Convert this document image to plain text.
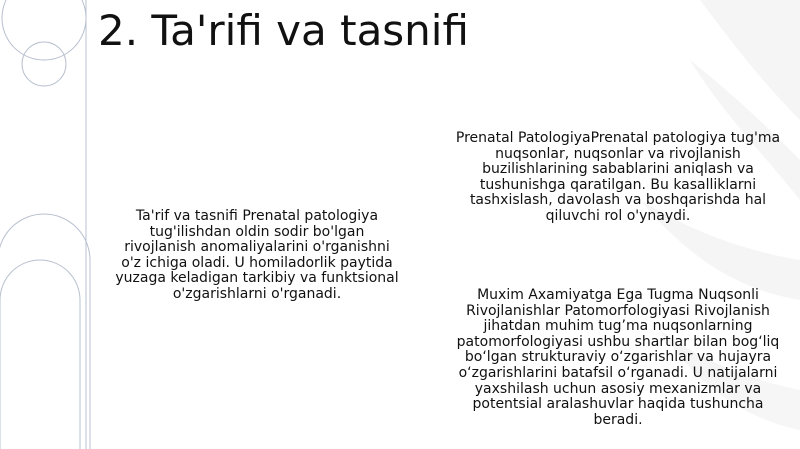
2. Ta'rifi va tasnifi
Ta'rif va tasnifi Prenatal patologiya tug'ilishdan oldin sodir bo'lgan rivojlanish anomaliyalarini o'rganishni o'z ichiga oladi. U homiladorlik paytida yuzaga keladigan tarkibiy va funktsional o'zgarishlarni o'rganadi.
Prenatal PatologiyaPrenatal patologiya tug'ma nuqsonlar, nuqsonlar va rivojlanish buzilishlarining sabablarini aniqlash va tushunishga qaratilgan. Bu kasalliklarni tashxislash, davolash va boshqarishda hal qiluvchi rol o'ynaydi.
Muxim Axamiyatga Ega Tugma Nuqsonli Rivojlanishlar Patomorfologiyasi Rivojlanish jihatdan muhim tug’ma nuqsonlarning patomorfologiyasi ushbu shartlar bilan bog‘liq bo‘lgan strukturaviy o‘zgarishlar va hujayra o‘zgarishlarini batafsil o‘rganadi. U natijalarni yaxshilash uchun asosiy mexanizmlar va potentsial aralashuvlar haqida tushuncha beradi.
